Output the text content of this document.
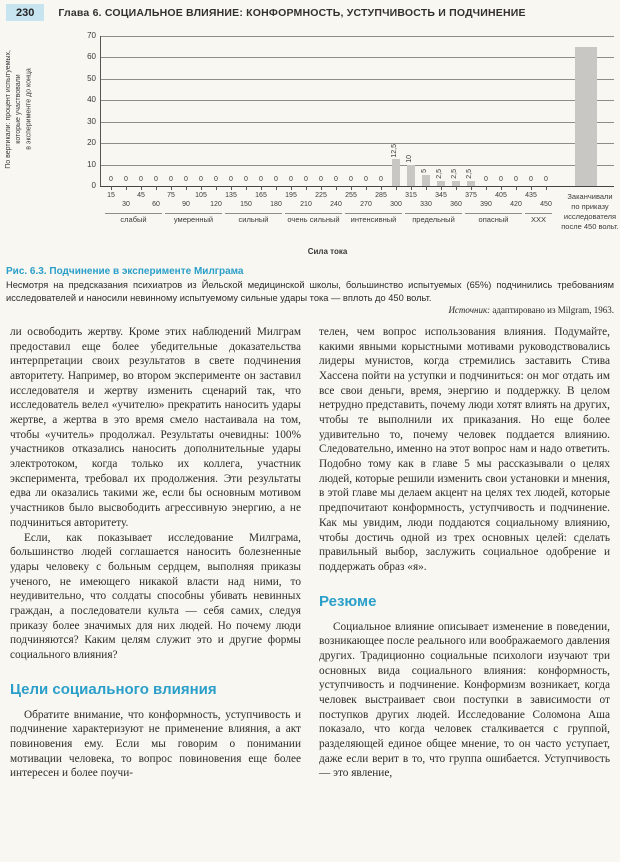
230	Глава 6. СОЦИАЛЬНОЕ ВЛИЯНИЕ: КОНФОРМНОСТЬ, УСТУПЧИВОСТЬ И ПОДЧИНЕНИЕ
По вертикали: процент испытуемых, которые участвовали в эксперименте до конца
0
15
0
30
0
45
0
60
0
75
0
90
0
105
0
120
0
135
0
150
0
165
0
180
0
195
0
210
0
225
0
240
0
255
0
270
0
285
12,5
300
10
315
5
330
2,5
345
2,5
360
2,5
375
0
390
0
405
0
420
0
435
0
450
слабый	умеренный	сильный	очень сильный	интенсивный	предельный	опасный	XXX
Заканчивали
по приказу
исследователя
после 450 вольт.
Сила тока
0
10
20
30
40
50
60
70
Рис. 6.3. Подчинение в эксперименте Милграма
Несмотря на предсказания психиатров из Йельской медицинской школы, большинство испытуемых (65%) подчинились требованиям исследователей и наносили невинному испытуемому сильные удары тока — вплоть до 450 вольт.
Источник: адаптировано из Milgram, 1963.

ли освободить жертву. Кроме этих наблюдений Милграм предоставил еще более убедительные доказательства интерпретации своих результатов в свете подчинения авторитету. Например, во втором эксперименте он заставил исследователя и жертву изменить сценарий так, что исследователь велел «учителю» прекратить наносить удары жертве, а жертва в это время смело настаивала на том, чтобы «учитель» продолжал. Результаты очевидны: 100% участников отказались наносить дополнительные удары электротоком, когда только их коллега, участник эксперимента, требовал их продолжения. Эти результаты едва ли оказались такими же, если бы основным мотивом участников было высвободить агрессивную энергию, а не подчиниться авторитету.

Если, как показывает исследование Милграма, большинство людей соглашается наносить болезненные удары человеку с больным сердцем, выполняя приказы ученого, не имеющего никакой власти над ними, то неудивительно, что солдаты способны убивать невинных граждан, а последователи культа — себя самих, следуя приказу более значимых для них людей. Но почему люди подчиняются? Каким целям служит это и другие формы социального влияния?

Цели социального влияния

Обратите внимание, что конформность, уступчивость и подчинение характеризуют не применение влияния, а акт повиновения ему. Если мы говорим о понимании мотивации человека, то вопрос повиновения еще более интересен и более поучи-

телен, чем вопрос использования влияния. Подумайте, какими явными корыстными мотивами руководствовались лидеры мунистов, когда стремились заставить Стива Хассена пойти на уступки и подчиниться: он мог отдать им все свои деньги, время, энергию и поддержку. В целом нетрудно представить, почему люди хотят влиять на других, чтобы те выполнили их приказания. Но еще более удивительно то, почему человек поддается влиянию. Следовательно, именно на этот вопрос нам и надо ответить. Подобно тому как в главе 5 мы рассказывали о целях людей, которые решили изменить свои установки и мнения, в этой главе мы делаем акцент на целях тех людей, которые предпочитают конформность, уступчивость и подчинение. Как мы увидим, люди поддаются социальному влиянию, чтобы достичь одной из трех основных целей: сделать правильный выбор, заслужить социальное одобрение и поддержать образ «я».

Резюме

Социальное влияние описывает изменение в поведении, возникающее после реального или воображаемого давления других. Традиционно социальные психологи изучают три основных вида социального влияния: конформность, уступчивость и подчинение. Конформизм возникает, когда человек выстраивает свои поступки в зависимости от поступков других людей. Исследование Соломона Аша показало, что когда человек сталкивается с группой, разделяющей единое общее мнение, то он часто уступает, даже если верит в то, что группа ошибается. Уступчивость — это явление,
